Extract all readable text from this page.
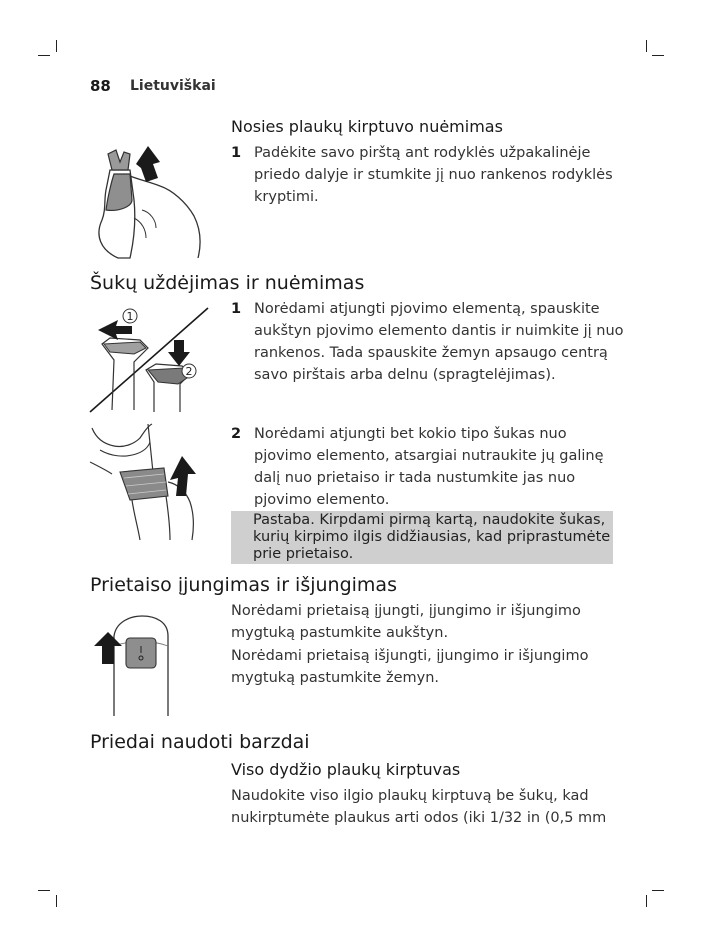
88 Lietuviškai
Nosies plaukų kirptuvo nuėmimas
1 Padėkite savo pirštą ant rodyklės užpakalinėje priedo dalyje ir stumkite jį nuo rankenos rodyklės kryptimi.
Šukų uždėjimas ir nuėmimas
1 Norėdami atjungti pjovimo elementą, spauskite aukštyn pjovimo elemento dantis ir nuimkite jį nuo rankenos. Tada spauskite žemyn apsaugo centrą savo pirštais arba delnu (spragtelėjimas).
1
2
2 Norėdami atjungti bet kokio tipo šukas nuo pjovimo elemento, atsargiai nutraukite jų galinę dalį nuo prietaiso ir tada nustumkite jas nuo pjovimo elemento.
Pastaba. Kirpdami pirmą kartą, naudokite šukas, kurių kirpimo ilgis didžiausias, kad priprastumėte prie prietaiso.
Prietaiso įjungimas ir išjungimas
Norėdami prietaisą įjungti, įjungimo ir išjungimo mygtuką pastumkite aukštyn.
Norėdami prietaisą išjungti, įjungimo ir išjungimo mygtuką pastumkite žemyn.
Priedai naudoti barzdai
Viso dydžio plaukų kirptuvas
Naudokite viso ilgio plaukų kirptuvą be šukų, kad nukirptumėte plaukus arti odos (iki 1/32 in (0,5 mm
